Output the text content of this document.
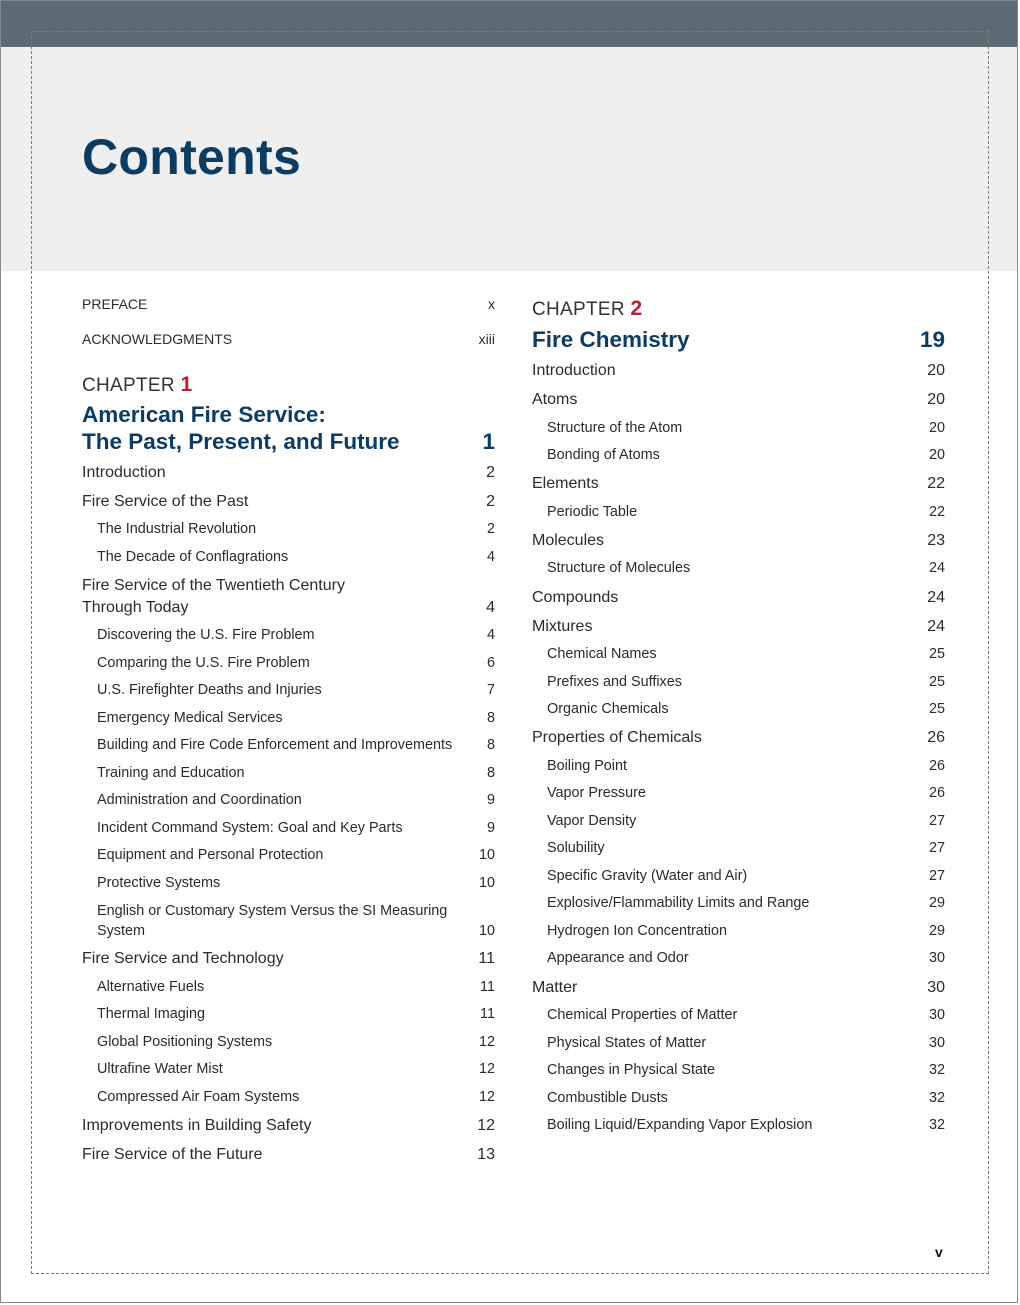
Contents
PREFACE	x
ACKNOWLEDGMENTS	xiii
CHAPTER 1
American Fire Service:
The Past, Present, and Future	1
Introduction	2
Fire Service of the Past	2
The Industrial Revolution	2
The Decade of Conflagrations	4
Fire Service of the Twentieth Century
Through Today	4
Discovering the U.S. Fire Problem	4
Comparing the U.S. Fire Problem	6
U.S. Firefighter Deaths and Injuries	7
Emergency Medical Services	8
Building and Fire Code Enforcement and Improvements 8
Training and Education	8
Administration and Coordination	9
Incident Command System: Goal and Key Parts	9
Equipment and Personal Protection	10
Protective Systems	10
English or Customary System Versus the SI Measuring
System	10
Fire Service and Technology	11
Alternative Fuels	11
Thermal Imaging	11
Global Positioning Systems	12
Ultrafine Water Mist	12
Compressed Air Foam Systems	12
Improvements in Building Safety	12
Fire Service of the Future	13
CHAPTER 2
Fire Chemistry	19
Introduction	20
Atoms	20
Structure of the Atom	20
Bonding of Atoms	20
Elements	22
Periodic Table	22
Molecules	23
Structure of Molecules	24
Compounds	24
Mixtures	24
Chemical Names	25
Prefixes and Suffixes	25
Organic Chemicals	25
Properties of Chemicals	26
Boiling Point	26
Vapor Pressure	26
Vapor Density	27
Solubility	27
Specific Gravity (Water and Air)	27
Explosive/Flammability Limits and Range	29
Hydrogen Ion Concentration	29
Appearance and Odor	30
Matter	30
Chemical Properties of Matter	30
Physical States of Matter	30
Changes in Physical State	32
Combustible Dusts	32
Boiling Liquid/Expanding Vapor Explosion	32
v
